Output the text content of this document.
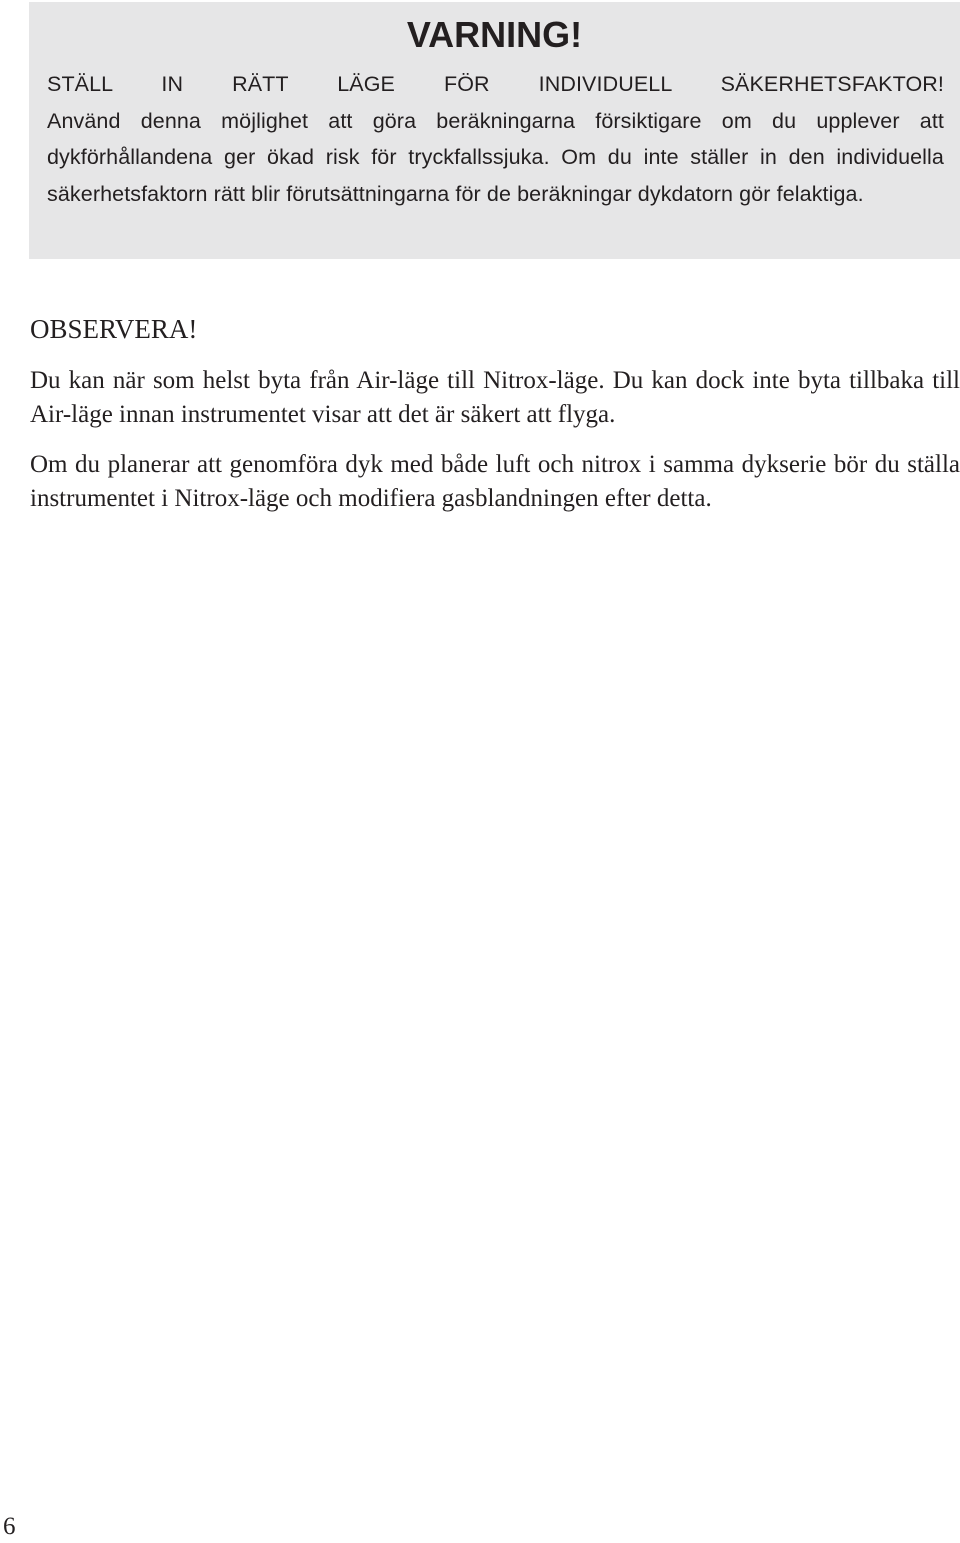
VARNING!

STÄLL IN RÄTT LÄGE FÖR INDIVIDUELL SÄKERHETSFAKTOR!
Använd denna möjlighet att göra beräkningarna försiktigare om du upplever att dykförhållandena ger ökad risk för tryckfallssjuka. Om du inte ställer in den individuella säkerhetsfaktorn rätt blir förutsättningarna för de beräkningar dykdatorn gör felaktiga.

OBSERVERA!

Du kan när som helst byta från Air-läge till Nitrox-läge. Du kan dock inte byta tillbaka till Air-läge innan instrumentet visar att det är säkert att flyga.

Om du planerar att genomföra dyk med både luft och nitrox i samma dykserie bör du ställa instrumentet i Nitrox-läge och modifiera gasblandningen efter detta.

6
